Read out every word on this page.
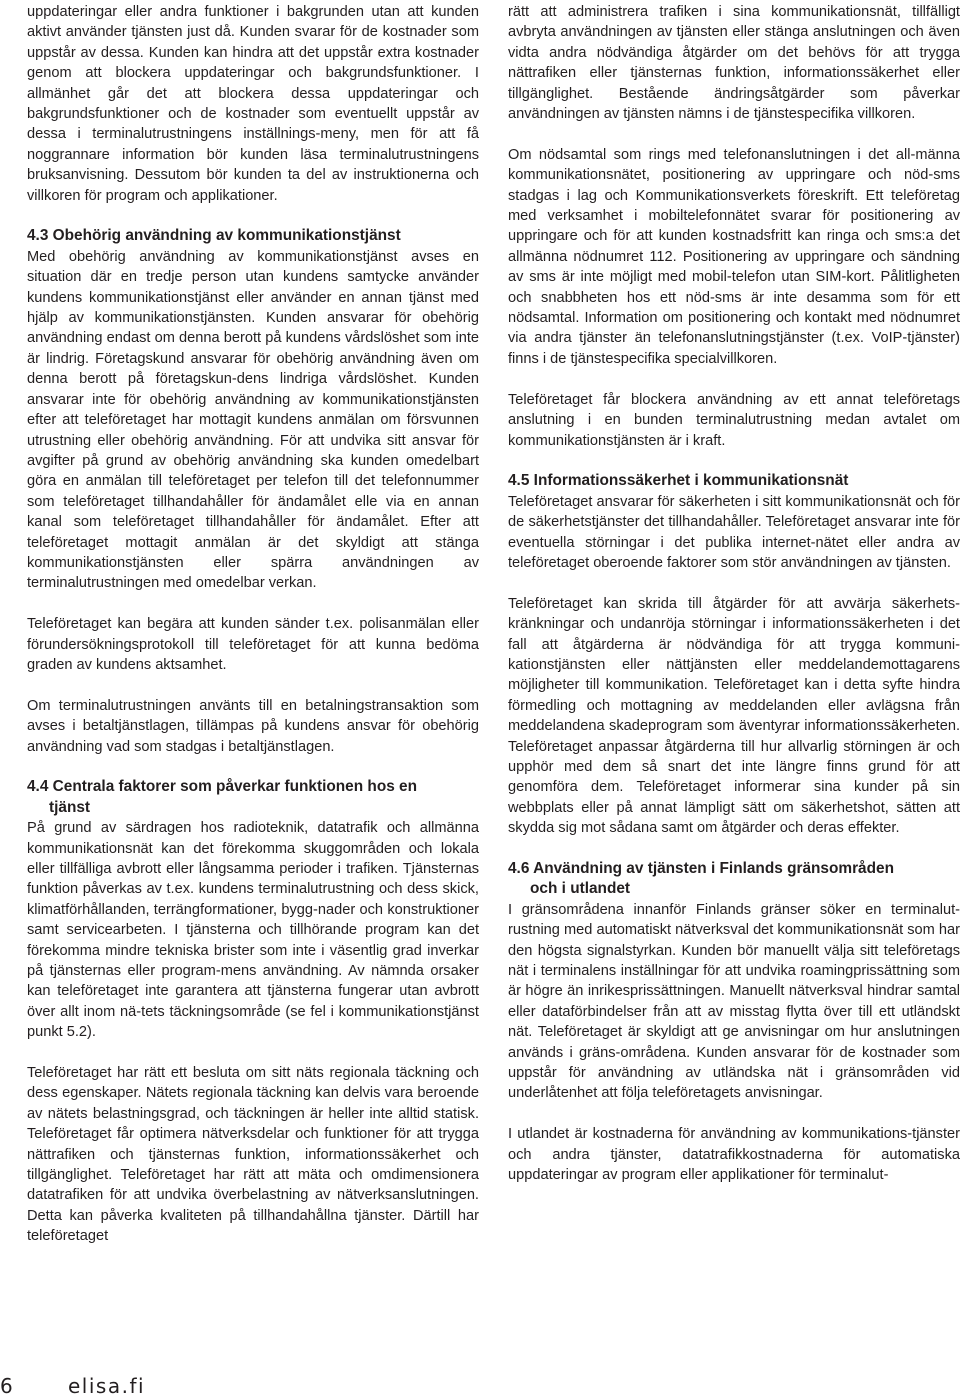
uppdateringar eller andra funktioner i bakgrunden utan att kunden aktivt använder tjänsten just då. Kunden svarar för de kostnader som uppstår av dessa. Kunden kan hindra att det uppstår extra kostnader genom att blockera uppdateringar och bakgrundsfunktioner. I allmänhet går det att blockera dessa uppdateringar och bakgrundsfunktioner och de kostnader som eventuellt uppstår av dessa i terminalutrustningens inställnings-meny, men för att få noggrannare information bör kunden läsa terminalutrustningens bruksanvisning. Dessutom bör kunden ta del av instruktionerna och villkoren för program och applikationer.

4.3 Obehörig användning av kommunikationstjänst

Med obehörig användning av kommunikationstjänst avses en situation där en tredje person utan kundens samtycke använder kundens kommunikationstjänst eller använder en annan tjänst med hjälp av kommunikationstjänsten. Kunden ansvarar för obehörig användning endast om denna berott på kundens vårdslöshet som inte är lindrig. Företagskund ansvarar för obehörig användning även om denna berott på företagskun-dens lindriga vårdslöshet. Kunden ansvarar inte för obehörig användning av kommunikationstjänsten efter att teleföretaget har mottagit kundens anmälan om försvunnen utrustning eller obehörig användning. För att undvika sitt ansvar för avgifter på grund av obehörig användning ska kunden omedelbart göra en anmälan till teleföretaget per telefon till det telefonnummer som teleföretaget tillhandahåller för ändamålet elle via en annan kanal som teleföretaget tillhandahåller för ändamålet. Efter att teleföretaget mottagit anmälan är det skyldigt att stänga kommunikationstjänsten eller spärra användningen av terminalutrustningen med omedelbar verkan.

Teleföretaget kan begära att kunden sänder t.ex. polisanmälan eller förundersökningsprotokoll till teleföretaget för att kunna bedöma graden av kundens aktsamhet.

Om terminalutrustningen använts till en betalningstransaktion som avses i betaltjänstlagen, tillämpas på kundens ansvar för obehörig användning vad som stadgas i betaltjänstlagen.

4.4 Centrala faktorer som påverkar funktionen hos en
tjänst

På grund av särdragen hos radioteknik, datatrafik och allmänna kommunikationsnät kan det förekomma skuggområden och lokala eller tillfälliga avbrott eller långsamma perioder i trafiken. Tjänsternas funktion påverkas av t.ex. kundens terminalutrustning och dess skick, klimatförhållanden, terrängformationer, bygg-nader och konstruktioner samt servicearbeten. I tjänsterna och tillhörande program kan det förekomma mindre tekniska brister som inte i väsentlig grad inverkar på tjänsternas eller program-mens användning. Av nämnda orsaker kan teleföretaget inte garantera att tjänsterna fungerar utan avbrott över allt inom nä-tets täckningsområde (se fel i kommunikationstjänst punkt 5.2).

Teleföretaget har rätt ett besluta om sitt näts regionala täckning och dess egenskaper. Nätets regionala täckning kan delvis vara beroende av nätets belastningsgrad, och täckningen är heller inte alltid statisk. Teleföretaget får optimera nätverksdelar och funktioner för att trygga nättrafiken och tjänsternas funktion, informationssäkerhet och tillgänglighet. Teleföretaget har rätt att mäta och omdimensionera datatrafiken för att undvika överbelastning av nätverksanslutningen. Detta kan påverka kvaliteten på tillhandahållna tjänster. Därtill har teleföretaget

rätt att administrera trafiken i sina kommunikationsnät, tillfälligt avbryta användningen av tjänsten eller stänga anslutningen och även vidta andra nödvändiga åtgärder om det behövs för att trygga nättrafiken eller tjänsternas funktion, informationssäkerhet eller tillgänglighet. Bestående ändringsåtgärder som påverkar användningen av tjänsten nämns i de tjänstespecifika villkoren.

Om nödsamtal som rings med telefonanslutningen i det all-männa kommunikationsnätet, positionering av uppringare och nöd-sms stadgas i lag och Kommunikationsverkets föreskrift. Ett teleföretag med verksamhet i mobiltelefonnätet svarar för positionering av uppringare och för att kunden kostnadsfritt kan ringa och sms:a det allmänna nödnumret 112. Positionering av uppringare och sändning av sms är inte möjligt med mobil-telefon utan SIM-kort. Pålitligheten och snabbheten hos ett nöd-sms är inte desamma som för ett nödsamtal. Information om positionering och kontakt med nödnumret via andra tjänster än telefonanslutningstjänster (t.ex. VoIP-tjänster) finns i de tjänstespecifika specialvillkoren.

Teleföretaget får blockera användning av ett annat teleföretags anslutning i en bunden terminalutrustning medan avtalet om kommunikationstjänsten är i kraft.

4.5 Informationssäkerhet i kommunikationsnät

Teleföretaget ansvarar för säkerheten i sitt kommunikationsnät och för de säkerhetstjänster det tillhandahåller. Teleföretaget ansvarar inte för eventuella störningar i det publika internet-nätet eller andra av teleföretaget oberoende faktorer som stör användningen av tjänsten.

Teleföretaget kan skrida till åtgärder för att avvärja säkerhets-kränkningar och undanröja störningar i informationssäkerheten i det fall att åtgärderna är nödvändiga för att trygga kommuni-kationstjänsten eller nättjänsten eller meddelandemottagarens möjligheter till kommunikation. Teleföretaget kan i detta syfte hindra förmedling och mottagning av meddelanden eller avlägsna från meddelandena skadeprogram som äventyrar informationssäkerheten. Teleföretaget anpassar åtgärderna till hur allvarlig störningen är och upphör med dem så snart det inte längre finns grund för att genomföra dem. Teleföretaget informerar sina kunder på sin webbplats eller på annat lämpligt sätt om säkerhetshot, sätten att skydda sig mot sådana samt om åtgärder och deras effekter.

4.6 Användning av tjänsten i Finlands gränsområden
och i utlandet

I gränsområdena innanför Finlands gränser söker en terminalut-rustning med automatiskt nätverksval det kommunikationsnät som har den högsta signalstyrkan. Kunden bör manuellt välja sitt teleföretags nät i terminalens inställningar för att undvika roamingprissättning som är högre än inrikesprissättningen. Manuellt nätverksval hindrar samtal eller dataförbindelser från att av misstag flytta över till ett utländskt nät. Teleföretaget är skyldigt att ge anvisningar om hur anslutningen används i gräns-områdena. Kunden ansvarar för de kostnader som uppstår för användning av utländska nät i gränsområden vid underlåtenhet att följa teleföretagets anvisningar.

I utlandet är kostnaderna för användning av kommunikations-tjänster och andra tjänster, datatrafikkostnaderna för automatiska uppdateringar av program eller applikationer för terminalut-

6	elisa.fi
